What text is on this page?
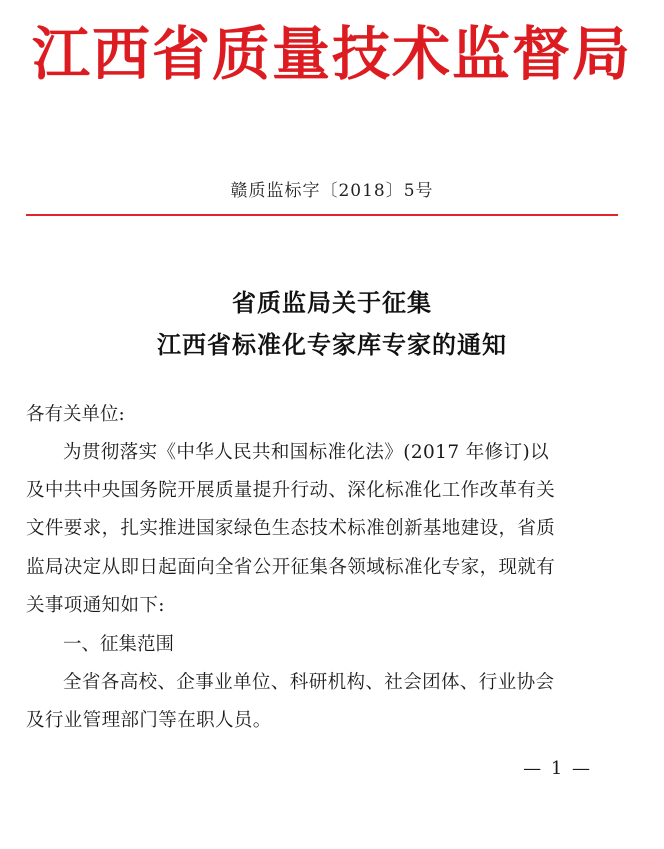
江西省质量技术监督局
赣质监标字〔2018〕5号
省质监局关于征集
江西省标准化专家库专家的通知
各有关单位:
为贯彻落实《中华人民共和国标准化法》(2017 年修订)以
及中共中央国务院开展质量提升行动、深化标准化工作改革有关
文件要求，扎实推进国家绿色生态技术标准创新基地建设，省质
监局决定从即日起面向全省公开征集各领域标准化专家，现就有
关事项通知如下:
一、征集范围
全省各高校、企事业单位、科研机构、社会团体、行业协会
及行业管理部门等在职人员。
— 1 —
